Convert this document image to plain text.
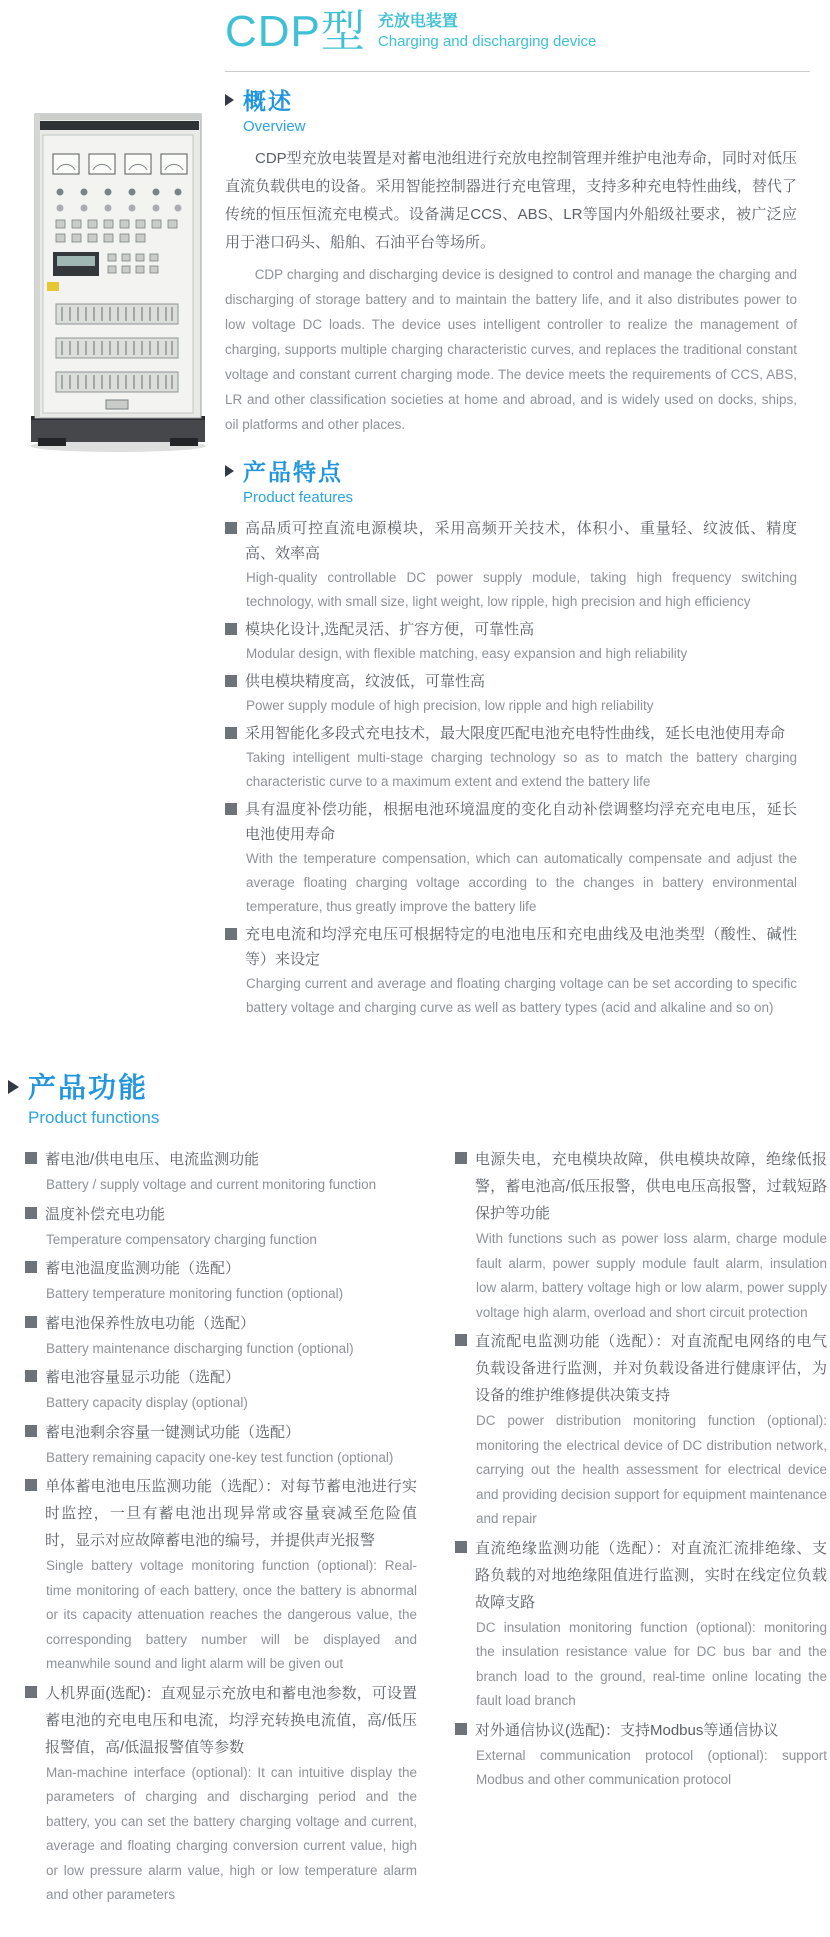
CDP型 充放电装置
Charging and discharging device
概述
Overview

CDP型充放电装置是对蓄电池组进行充放电控制管理并维护电池寿命，同时对低压直流负载供电的设备。采用智能控制器进行充电管理，支持多种充电特性曲线，替代了传统的恒压恒流充电模式。设备满足CCS、ABS、LR等国内外船级社要求，被广泛应用于港口码头、船舶、石油平台等场所。

CDP charging and discharging device is designed to control and manage the charging and discharging of storage battery and to maintain the battery life, and it also distributes power to low voltage DC loads. The device uses intelligent controller to realize the management of charging, supports multiple charging characteristic curves, and replaces the traditional constant voltage and constant current charging mode. The device meets the requirements of CCS, ABS, LR and other classification societies at home and abroad, and is widely used on docks, ships, oil platforms and other places.

产品特点
Product features
高品质可控直流电源模块，采用高频开关技术，体积小、重量轻、纹波低、精度高、效率高
High-quality controllable DC power supply module, taking high frequency switching technology, with small size, light weight, low ripple, high precision and high efficiency
模块化设计,选配灵活、扩容方便，可靠性高
Modular design, with flexible matching, easy expansion and high reliability
供电模块精度高，纹波低，可靠性高
Power supply module of high precision, low ripple and high reliability
采用智能化多段式充电技术，最大限度匹配电池充电特性曲线，延长电池使用寿命
Taking intelligent multi-stage charging technology so as to match the battery charging characteristic curve to a maximum extent and extend the battery life
具有温度补偿功能，根据电池环境温度的变化自动补偿调整均浮充充电电压，延长电池使用寿命
With the temperature compensation, which can automatically compensate and adjust the average floating charging voltage according to the changes in battery environmental temperature, thus greatly improve the battery life
充电电流和均浮充电压可根据特定的电池电压和充电曲线及电池类型（酸性、碱性等）来设定
Charging current and average and floating charging voltage can be set according to specific battery voltage and charging curve as well as battery types (acid and alkaline and so on)
产品功能
Product functions
蓄电池/供电电压、电流监测功能
Battery / supply voltage and current monitoring function
温度补偿充电功能
Temperature compensatory charging function
蓄电池温度监测功能（选配）
Battery temperature monitoring function (optional)
蓄电池保养性放电功能（选配）
Battery maintenance discharging function (optional)
蓄电池容量显示功能（选配）
Battery capacity display (optional)
蓄电池剩余容量一键测试功能（选配）
Battery remaining capacity one-key test function (optional)
单体蓄电池电压监测功能（选配）：对每节蓄电池进行实时监控，一旦有蓄电池出现异常或容量衰减至危险值时，显示对应故障蓄电池的编号，并提供声光报警
Single battery voltage monitoring function (optional): Real-time monitoring of each battery, once the battery is abnormal or its capacity attenuation reaches the dangerous value, the corresponding battery number will be displayed and meanwhile sound and light alarm will be given out
人机界面(选配)：直观显示充放电和蓄电池参数，可设置蓄电池的充电电压和电流，均浮充转换电流值，高/低压报警值，高/低温报警值等参数
Man-machine interface (optional): It can intuitive display the parameters of charging and discharging period and the battery, you can set the battery charging voltage and current, average and floating charging conversion current value, high or low pressure alarm value, high or low temperature alarm and other parameters
电源失电，充电模块故障，供电模块故障，绝缘低报警，蓄电池高/低压报警，供电电压高报警，过载短路保护等功能
With functions such as power loss alarm, charge module fault alarm, power supply module fault alarm, insulation low alarm, battery voltage high or low alarm, power supply voltage high alarm, overload and short circuit protection
直流配电监测功能（选配）：对直流配电网络的电气负载设备进行监测，并对负载设备进行健康评估，为设备的维护维修提供决策支持
DC power distribution monitoring function (optional): monitoring the electrical device of DC distribution network, carrying out the health assessment for electrical device and providing decision support for equipment maintenance and repair
直流绝缘监测功能（选配）：对直流汇流排绝缘、支路负载的对地绝缘阻值进行监测，实时在线定位负载故障支路
DC insulation monitoring function (optional): monitoring the insulation resistance value for DC bus bar and the branch load to the ground, real-time online locating the fault load branch
对外通信协议(选配)：支持Modbus等通信协议
External communication protocol (optional): support Modbus and other communication protocol
